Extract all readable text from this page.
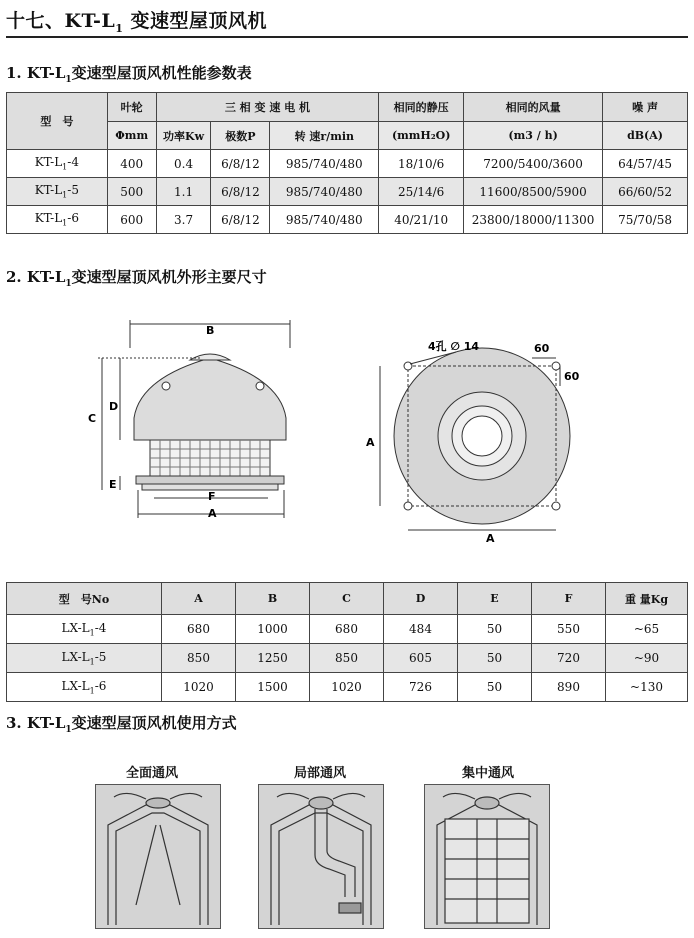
十七、$KT-L_1$ 变速型屋顶风机
1. $KT-L_1$变速型屋顶风机性能参数表
型　号	叶轮	三 相 变 速 电 机			相同的静压	相同的风量	噪 声
	Φmm	功率Kw	极数P	转 速r/min	(mmH₂O)	(m3 / h)	dB(A)
$KT-L_1-4$	400	0.4	6/8/12	985/740/480	18/10/6	7200/5400/3600	64/57/45
$KT-L_1-5$	500	1.1	6/8/12	985/740/480	25/14/6	11600/8500/5900	66/60/52
$KT-L_1-6$	600	3.7	6/8/12	985/740/480	40/21/10	23800/18000/11300	75/70/58
2. $KT-L_1$变速型屋顶风机外形主要尺寸
B
C
D
E
F
A
4孔 ∅ 14	60
60
A
A
型　号No	A	B	C	D	E	F	重 量Kg
$LX-L_1-4$	680	1000	680	484	50	550	~65
$LX-L_1-5$	850	1250	850	605	50	720	~90
$LX-L_1-6$	1020	1500	1020	726	50	890	~130
3. $KT-L_1$变速型屋顶风机使用方式
全面通风	局部通风	集中通风
